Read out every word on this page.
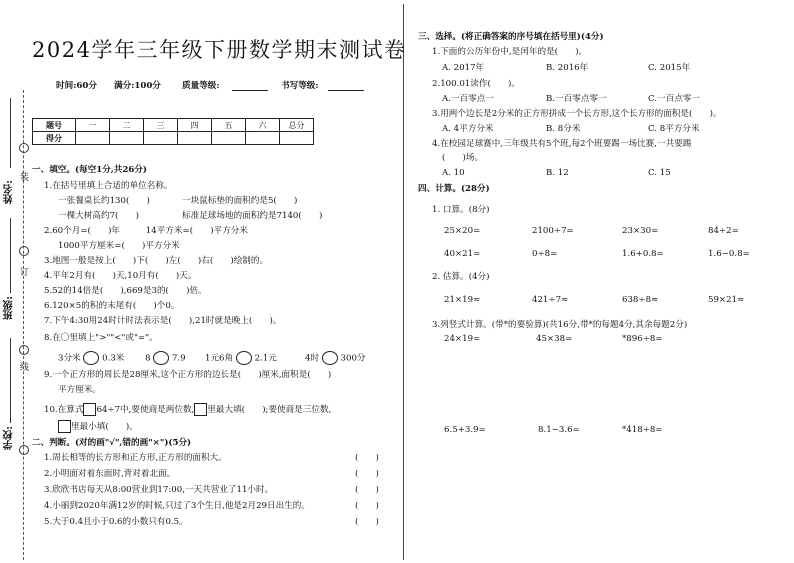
装
订
线
姓名:
班级:
学校:
2024学年三年级下册数学期末测试卷
时间:60分 满分:100分 质量等级:	书写等级:
题号	一	二	三	四	五	六	总分
得分							
一、填空。(每空1分,共26分)
1.在括号里填上合适的单位名称。
一张餐桌长约130(　　)	一块鼠标垫的面积约是5(　　)
一棵大树高约7(　　)	标准足球场地的面积约是7140(　　)
2.60个月=(　　)年　　　14平方米=(　　)平方分米
1000平方厘米=(　　)平方分米
3.地图一般是按上(　　)下(　　)左(　　)右(　　)绘制的。
4.平年2月有(　　)天,10月有(　　)天。
5.52的14倍是(　　),669是3的(　　)倍。
6.120×5的积的末尾有(　　)个0。
7.下午4:30用24时计时法表示是(　　),21时就是晚上(　　)。
8.在〇里填上">""<"或"="。
3分米 0.3米 8 7.9 1元6角 2.1元	4时 300分
9.一个正方形的周长是28厘米,这个正方形的边长是(　　)厘米,面积是(　　)
平方厘米。
10.在算式 64÷7中,要使商是两位数, 里最大填(　　);要使商是三位数,
里最小填(　　)。
二、判断。(对的画"√",错的画"×")(5分)
1.周长相等的长方形和正方形,正方形的面积大。	(　　)
2.小明面对着东面时,背对着北面。	(　　)
3.欣欣书店每天从8:00营业到17:00,一天共营业了11小时。	(　　)
4.小丽到2020年满12岁的时候,只过了3个生日,他是2月29日出生的。	(　　)
5.大于0.4且小于0.6的小数只有0.5。	(　　)
三、选择。(将正确答案的序号填在括号里)(4分)
1.下面的公历年份中,是闰年的是(　　)。
A. 2017年	B. 2016年	C. 2015年
2.100.01读作(　　)。
A.一百零点一	B.一百零点零一	C.一百点零一
3.用两个边长是2分米的正方形拼成一个长方形,这个长方形的面积是(　　)。
A. 4平方分米	B. 8分米	C. 8平方分米
4.在校园足球赛中,三年级共有5个班,每2个班要踢一场比赛,一共要踢
(　　)场。
A. 10	B. 12	C. 15
四、计算。(28分)
1. 口算。(8分)
25×20=	2100÷7=	23×30=	84÷2=
40×21=	0÷8=	1.6+0.8=	1.6−0.8=
2. 估算。(4分)
21×19≈	421÷7≈	638÷8≈	59×21≈
3.列竖式计算。(带*的要验算)(共16分,带*的每题4分,其余每题2分)
24×19=	45×38=	*896÷8=
6.5+3.9=	8.1−3.6=	*418÷8=
